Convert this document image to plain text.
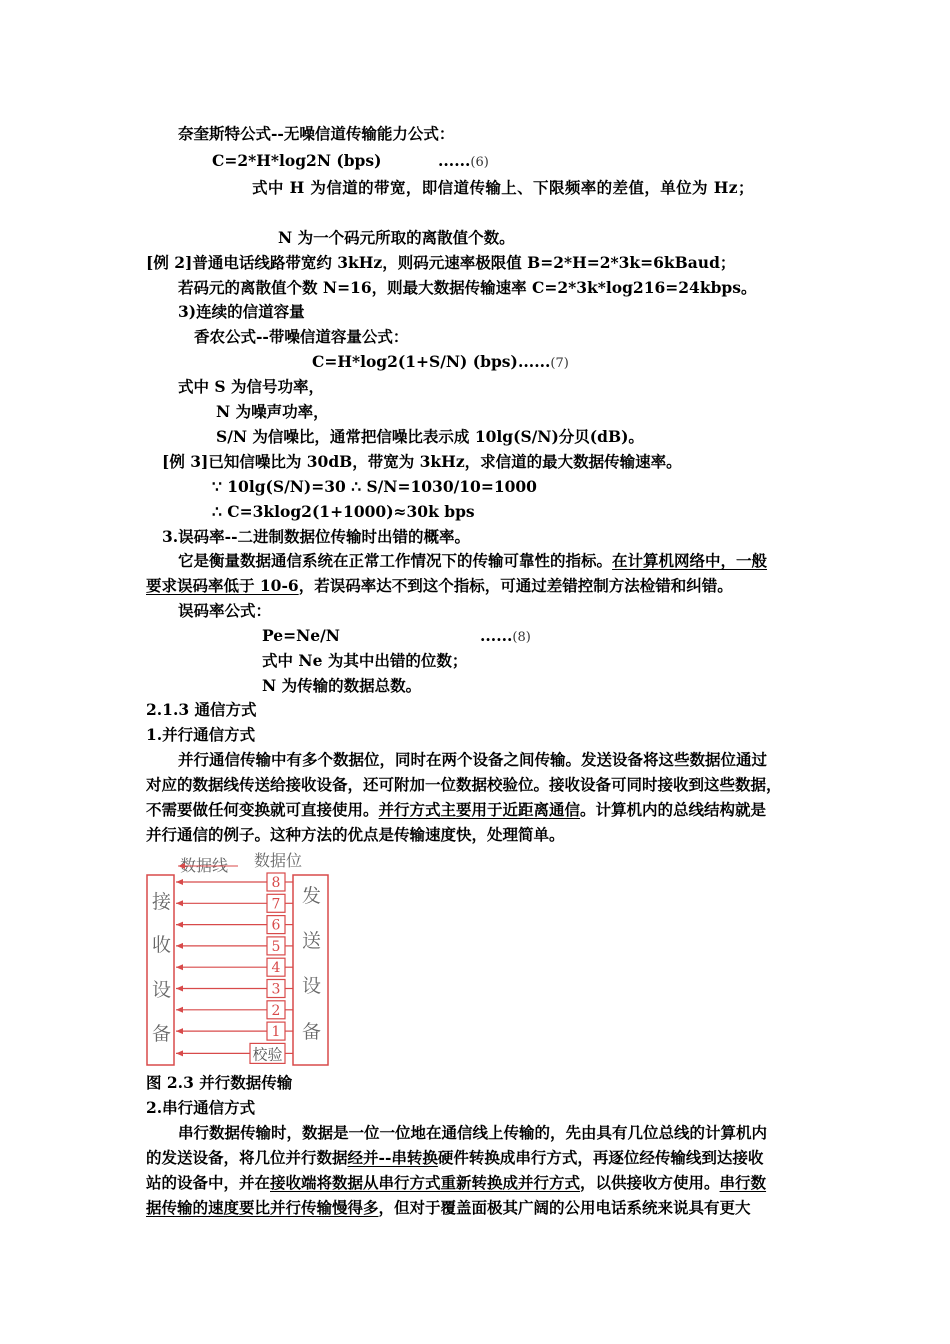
奈奎斯特公式--无噪信道传输能力公式：
C=2*H*log2N (bps)	......(6)
式中 H 为信道的带宽，即信道传输上、下限频率的差值，单位为 Hz；
N 为一个码元所取的离散值个数。
[例 2]普通电话线路带宽约 3kHz，则码元速率极限值 B=2*H=2*3k=6kBaud；
若码元的离散值个数 N=16，则最大数据传输速率 C=2*3k*log216=24kbps。
3)连续的信道容量
香农公式--带噪信道容量公式：
C=H*log2(1+S/N) (bps) ......(7)
式中 S 为信号功率，
N 为噪声功率，
S/N 为信噪比，通常把信噪比表示成 10lg(S/N)分贝(dB)。
[例 3]已知信噪比为 30dB，带宽为 3kHz，求信道的最大数据传输速率。
∵ 10lg(S/N)=30 ∴ S/N=1030/10=1000
∴ C=3klog2(1+1000)≈30k bps
3.误码率--二进制数据位传输时出错的概率。
它是衡量数据通信系统在正常工作情况下的传输可靠性的指标。在计算机网络中，一般
要求误码率低于 10-6，若误码率达不到这个指标，可通过差错控制方法检错和纠错。
误码率公式：
Pe=Ne/N	......(8)
式中 Ne 为其中出错的位数；
N 为传输的数据总数。
2.1.3 通信方式
1.并行通信方式
并行通信传输中有多个数据位，同时在两个设备之间传输。发送设备将这些数据位通过
对应的数据线传送给接收设备，还可附加一位数据校验位。接收设备可同时接收到这些数据，
不需要做任何变换就可直接使用。并行方式主要用于近距离通信。计算机内的总线结构就是
并行通信的例子。这种方法的优点是传输速度快，处理简单。
数据线 数据位
接
收
设
备
发
送
设
备
8
7
6
5
4
3
2
1
校验
图 2.3 并行数据传输
2.串行通信方式
串行数据传输时，数据是一位一位地在通信线上传输的，先由具有几位总线的计算机内
的发送设备，将几位并行数据经并--串转换硬件转换成串行方式，再逐位经传输线到达接收
站的设备中，并在接收端将数据从串行方式重新转换成并行方式，以供接收方使用。串行数
据传输的速度要比并行传输慢得多，但对于覆盖面极其广阔的公用电话系统来说具有更大
